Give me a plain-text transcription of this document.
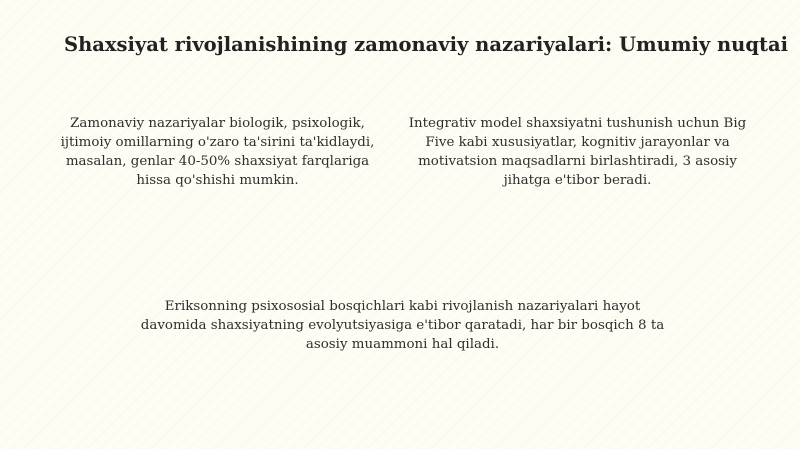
Shaxsiyat rivojlanishining zamonaviy nazariyalari: Umumiy nuqtai

Zamonaviy nazariyalar biologik, psixologik, ijtimoiy omillarning o'zaro ta'sirini ta'kidlaydi, masalan, genlar 40-50% shaxsiyat farqlariga hissa qo'shishi mumkin.

Integrativ model shaxsiyatni tushunish uchun Big Five kabi xususiyatlar, kognitiv jarayonlar va motivatsion maqsadlarni birlashtiradi, 3 asosiy jihatga e'tibor beradi.

Eriksonning psixososial bosqichlari kabi rivojlanish nazariyalari hayot davomida shaxsiyatning evolyutsiyasiga e'tibor qaratadi, har bir bosqich 8 ta asosiy muammoni hal qiladi.
